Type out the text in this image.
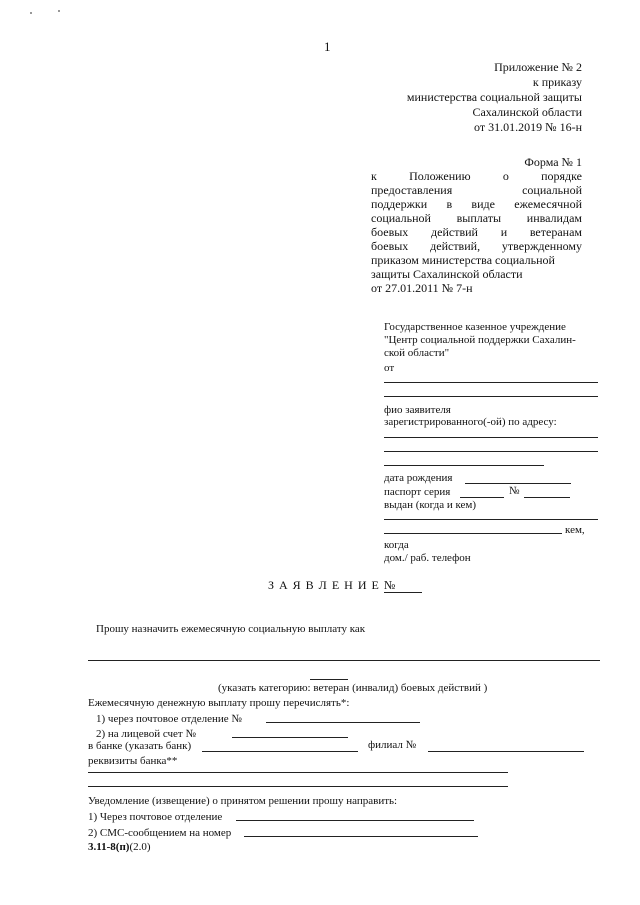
1
Приложение № 2
к приказу
министерства социальной защиты
Сахалинской области
от 31.01.2019 № 16-н
Форма № 1
к Положению о порядке
предоставления социальной
поддержки в виде ежемесячной
социальной выплаты инвалидам
боевых действий и ветеранам
боевых действий, утвержденному
приказом министерства социальной
защиты Сахалинской области
от 27.01.2011 № 7-н
Государственное казенное учреждение
"Центр социальной поддержки Сахалин-
ской области"
от
фио заявителя
зарегистрированного(-ой) по адресу:
дата рождения
паспорт серия	№
выдан (когда и кем)
кем,
когда
дом./ раб. телефон
З А Я В Л Е Н И Е №
Прошу назначить ежемесячную социальную выплату как
(указать категорию: ветеран (инвалид) боевых действий )
Ежемесячную денежную выплату прошу перечислять*:
1) через почтовое отделение №
2) на лицевой счет №
в банке (указать банк)	филиал №
реквизиты банка**
Уведомление (извещение) о принятом решении прошу направить:
1) Через почтовое отделение
2) СМС-сообщением на номер
3.11-8(п)(2.0)
